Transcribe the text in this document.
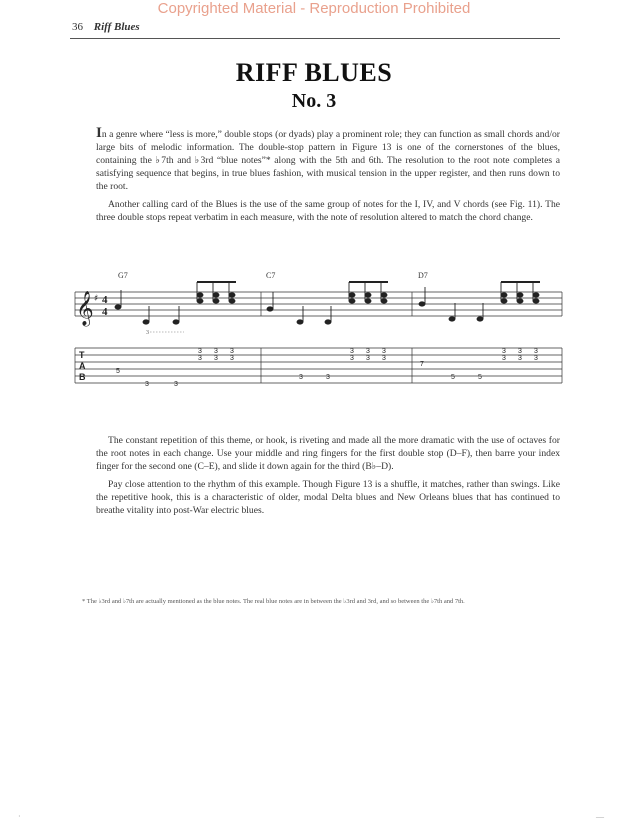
Copyrighted Material - Reproduction Prohibited
36 Riff Blues
RIFF BLUES
No. 3

In a genre where “less is more,” double stops (or dyads) play a prominent role; they can function as small chords and/or large bits of melodic information. The double-stop pattern in Figure 13 is one of the cornerstones of the blues, containing the ♭7th and ♭3rd “blue notes”* along with the 5th and 6th. The resolution to the root note completes a satisfying sequence that begins, in true blues fashion, with musical tension in the upper register, and then runs down to the root.

Another calling card of the Blues is the use of the same group of notes for the I, IV, and V chords (see Fig. 11). The three double stops repeat verbatim in each measure, with the note of resolution altered to match the chord change.

G7	C7	D7
𝄞 ♯ 4
4
3
T
A
B
5
3	3
3
3
3
3
3
3
3	3
3
3
3
3
3
3
7
5	5
3
3
3
3
3
3

The constant repetition of this theme, or hook, is riveting and made all the more dramatic with the use of octaves for the root notes in each change. Use your middle and ring fingers for the first double stop (D–F), then barre your index finger for the second one (C–E), and slide it down again for the third (B♭–D).

Pay close attention to the rhythm of this example. Though Figure 13 is a shuffle, it matches, rather than swings. Like the repetitive hook, this is a characteristic of older, modal Delta blues and New Orleans blues that has continued to breathe vitality into post-War electric blues.

* The ♭3rd and ♭7th are actually mentioned as the blue notes. The real blue notes are in between the ♭3rd and 3rd, and so between the ♭7th and 7th.
·	—
